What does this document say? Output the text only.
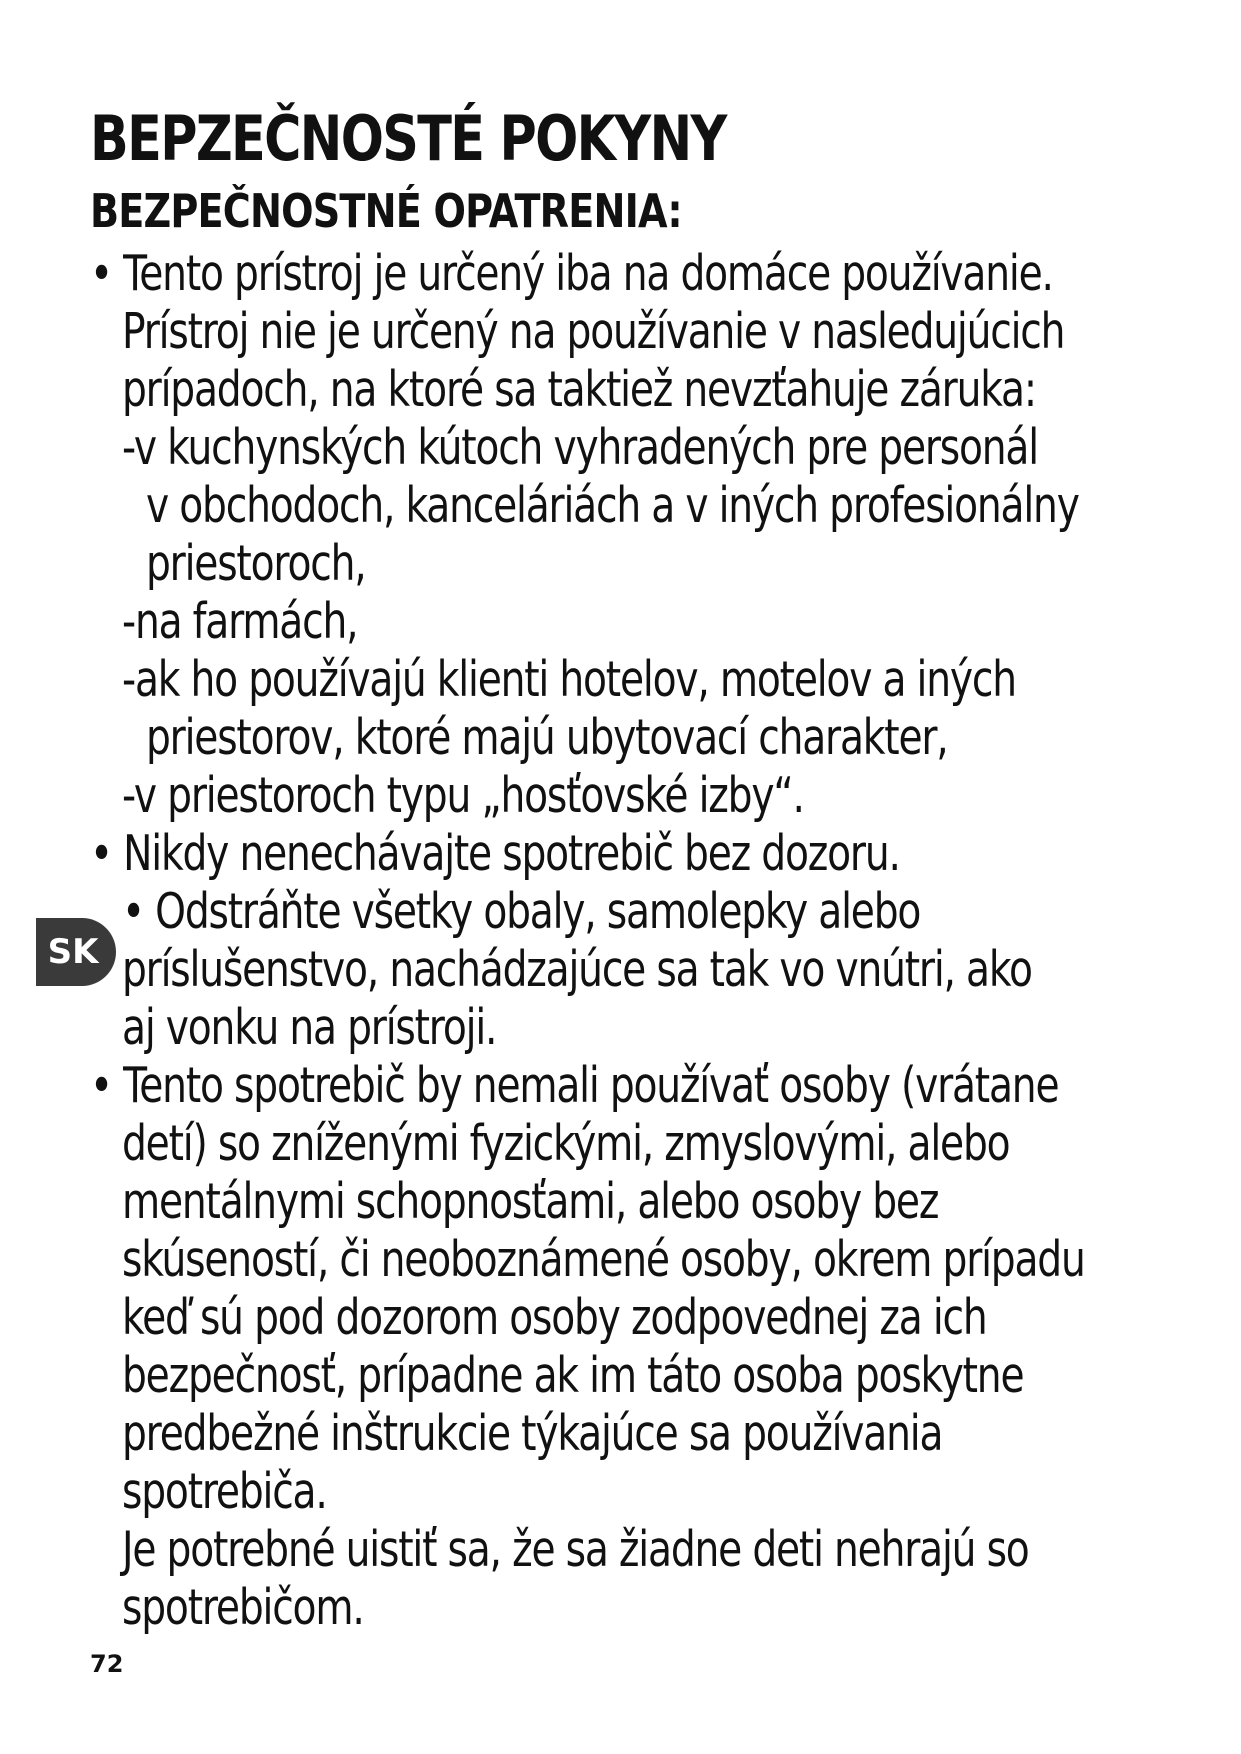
BEPZEČNOSTÉ POKYNY
BEZPEČNOSTNÉ OPATRENIA:
• Tento prístroj je určený iba na domáce používanie.
Prístroj nie je určený na používanie v nasledujúcich
prípadoch, na ktoré sa taktiež nevzťahuje záruka:
-v kuchynských kútoch vyhradených pre personál
v obchodoch, kanceláriách a v iných profesionálny
priestoroch,
-na farmách,
-ak ho používajú klienti hotelov, motelov a iných
priestorov, ktoré majú ubytovací charakter,
-v priestoroch typu „hosťovské izby“.
• Nikdy nenechávajte spotrebič bez dozoru.
• Odstráňte všetky obaly, samolepky alebo
príslušenstvo, nachádzajúce sa tak vo vnútri, ako
aj vonku na prístroji.
• Tento spotrebič by nemali používať osoby (vrátane
detí) so zníženými fyzickými, zmyslovými, alebo
mentálnymi schopnosťami, alebo osoby bez
skúseností, či neoboznámené osoby, okrem prípadu
keď sú pod dozorom osoby zodpovednej za ich
bezpečnosť, prípadne ak im táto osoba poskytne
predbežné inštrukcie týkajúce sa používania
spotrebiča.
Je potrebné uistiť sa, že sa žiadne deti nehrajú so
spotrebičom.
SK
72
